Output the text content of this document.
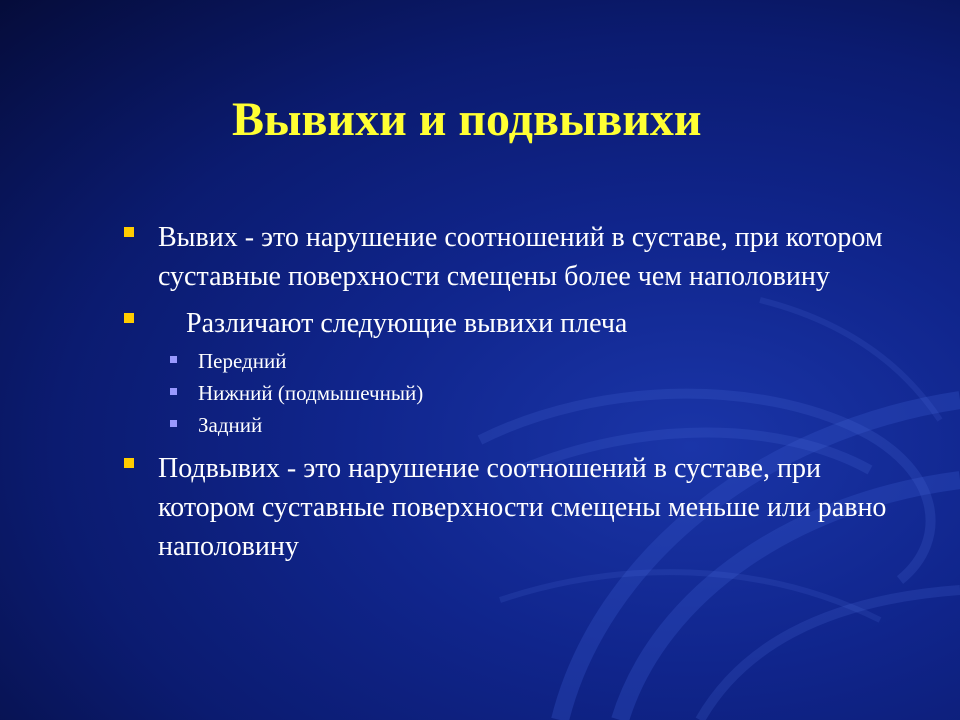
Вывихи и подвывихи
Вывих - это нарушение соотношений в суставе, при котором суставные поверхности смещены более чем наполовину
Различают следующие вывихи плеча
Передний
Нижний (подмышечный)
Задний
Подвывих - это нарушение соотношений в суставе, при котором суставные поверхности смещены меньше или равно наполовину
